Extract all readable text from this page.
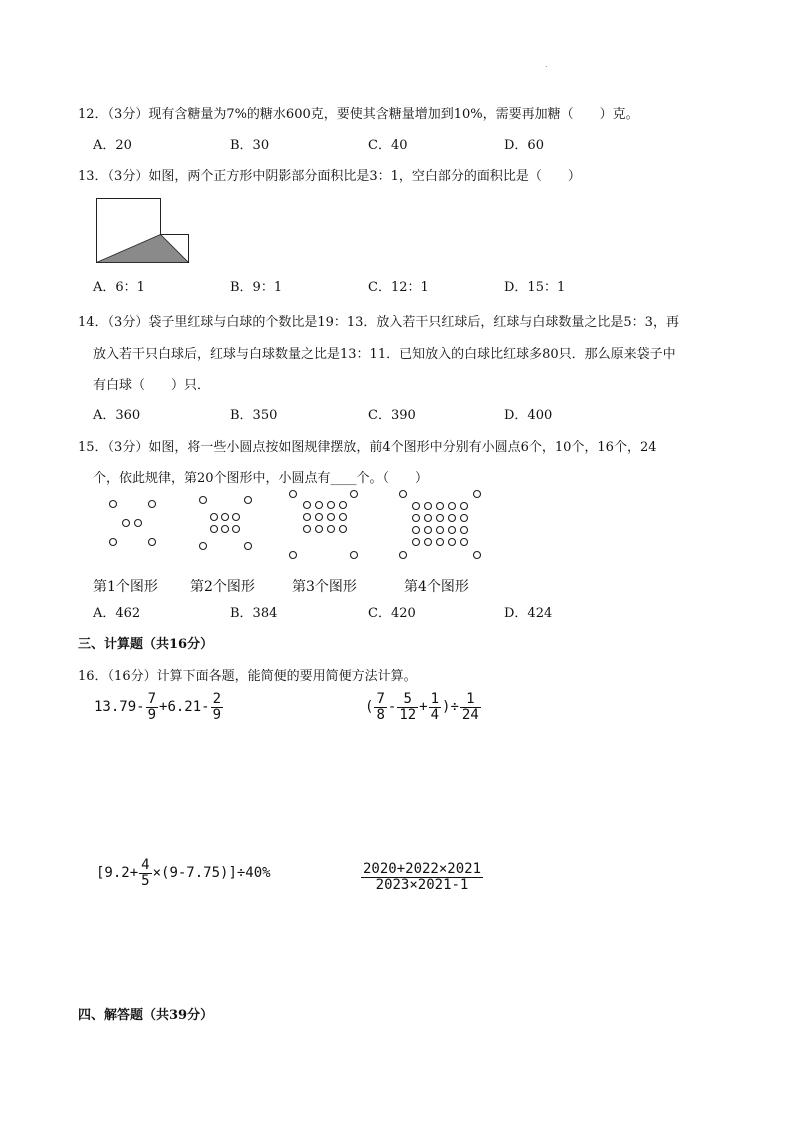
.
12．（3分）现有含糖量为7%的糖水600克，要使其含糖量增加到10%，需要再加糖（　　）克。
A．20	B．30	C．40	D．60
13．（3分）如图，两个正方形中阴影部分面积比是3：1，空白部分的面积比是（　　）
A．6：1	B．9：1	C．12：1	D．15：1
14．（3分）袋子里红球与白球的个数比是19：13．放入若干只红球后，红球与白球数量之比是5：3，再
放入若干只白球后，红球与白球数量之比是13：11．已知放入的白球比红球多80只．那么原来袋子中
有白球（　　）只．
A．360	B．350	C．390	D．400
15．（3分）如图，将一些小圆点按如图规律摆放，前4个图形中分别有小圆点6个，10个，16个，24
个，依此规律，第20个图形中，小圆点有____个。（　　）
第1个图形 第2个图形	第3个图形	第4个图形
A．462	B．384	C．420	D．424
三、计算题（共16分）
16．（16分）计算下面各题，能简便的要用简便方法计算。
$13.79- \frac{7}{9} +6.21- \frac{2}{9}$	( $\frac{7}{8} - \frac{5}{12} + \frac{1}{4}$ )÷ $\frac{1}{24}$
$[9.2+ \frac{4}{5} \times(9-7.75)]\div 40\%$	$\frac{2020+2022\times 2021}{2023\times 2021-1}$
四、解答题（共39分）
